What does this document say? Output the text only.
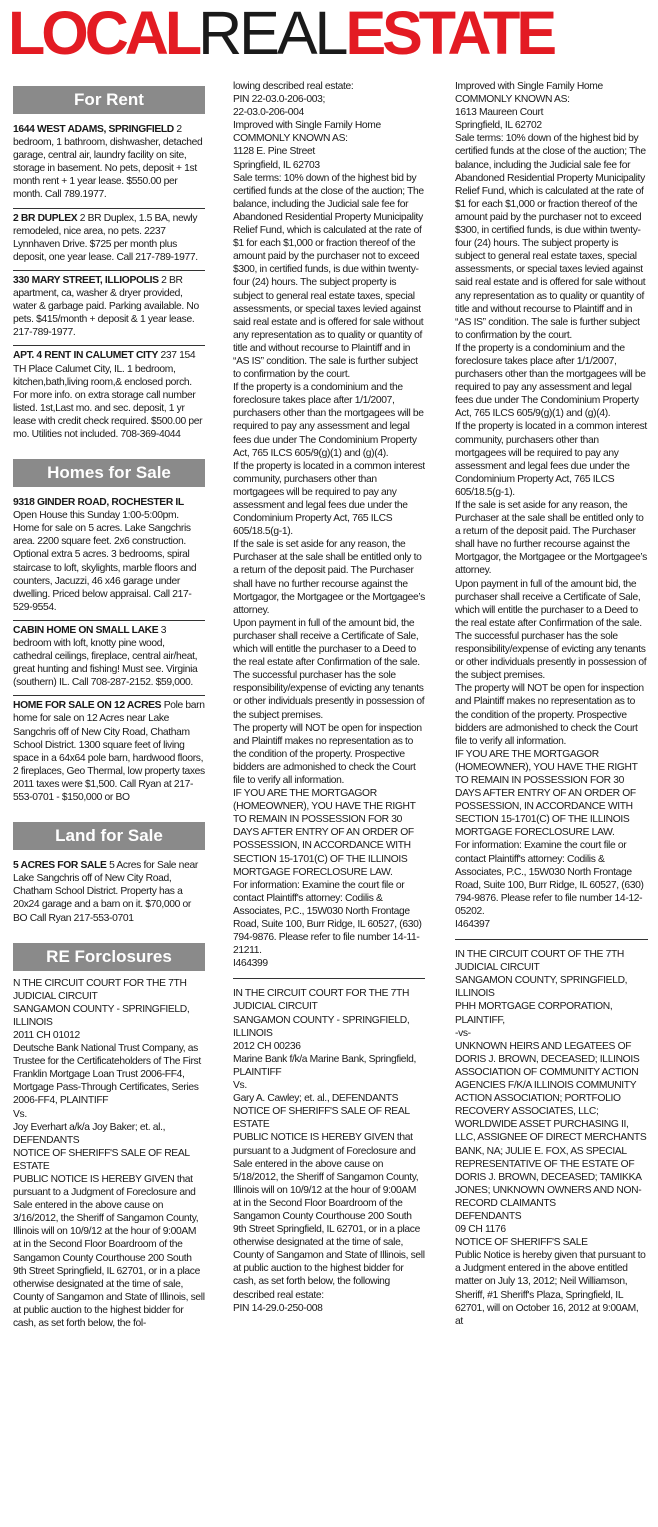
LOCALREALESTATE
For Rent
1644 WEST ADAMS, SPRINGFIELD 2 bedroom, 1 bathroom, dishwasher, detached garage, central air, laundry facility on site, storage in basement. No pets, deposit + 1st month rent + 1 year lease. $550.00 per month. Call 789.1977.
2 BR DUPLEX 2 BR Duplex, 1.5 BA, newly remodeled, nice area, no pets. 2237 Lynnhaven Drive. $725 per month plus deposit, one year lease. Call 217-789-1977.
330 MARY STREET, ILLIOPOLIS 2 BR apartment, ca, washer & dryer provided, water & garbage paid. Parking available. No pets. $415/month + deposit & 1 year lease. 217-789-1977.
APT. 4 RENT IN CALUMET CITY 237 154 TH Place Calumet City, IL. 1 bedroom, kitchen,bath,living room,& enclosed porch. For more info. on extra storage call number listed. 1st,Last mo. and sec. deposit, 1 yr lease with credit check required. $500.00 per mo. Utilities not included. 708-369-4044
Homes for Sale
9318 GINDER ROAD, ROCHESTER IL Open House this Sunday 1:00-5:00pm. Home for sale on 5 acres. Lake Sangchris area. 2200 square feet. 2x6 construction. Optional extra 5 acres. 3 bedrooms, spiral staircase to loft, skylights, marble floors and counters, Jacuzzi, 46 x46 garage under dwelling. Priced below appraisal. Call 217-529-9554.
CABIN HOME ON SMALL LAKE 3 bedroom with loft, knotty pine wood, cathedral ceilings, fireplace, central air/heat, great hunting and fishing! Must see. Virginia (southern) IL. Call 708-287-2152. $59,000.
HOME FOR SALE ON 12 ACRES Pole barn home for sale on 12 Acres near Lake Sangchris off of New City Road, Chatham School District. 1300 square feet of living space in a 64x64 pole barn, hardwood floors, 2 fireplaces, Geo Thermal, low property taxes 2011 taxes were $1,500. Call Ryan at 217-553-0701 - $150,000 or BO
Land for Sale
5 ACRES FOR SALE 5 Acres for Sale near Lake Sangchris off of New City Road, Chatham School District. Property has a 20x24 garage and a barn on it. $70,000 or BO Call Ryan 217-553-0701
RE Forclosures
N THE CIRCUIT COURT FOR THE 7TH JUDICIAL CIRCUIT
SANGAMON COUNTY - SPRINGFIELD, ILLINOIS
2011 CH 01012
Deutsche Bank National Trust Company, as Trustee for the Certificateholders of The First Franklin Mortgage Loan Trust 2006-FF4, Mortgage Pass-Through Certificates, Series 2006-FF4, PLAINTIFF
Vs.
Joy Everhart a/k/a Joy Baker; et. al., DEFENDANTS
NOTICE OF SHERIFF'S SALE OF REAL ESTATE
PUBLIC NOTICE IS HEREBY GIVEN that pursuant to a Judgment of Foreclosure and Sale entered in the above cause on 3/16/2012, the Sheriff of Sangamon County, Illinois will on 10/9/12 at the hour of 9:00AM at in the Second Floor Boardroom of the Sangamon County Courthouse 200 South 9th Street Springfield, IL 62701, or in a place otherwise designated at the time of sale, County of Sangamon and State of Illinois, sell at public auction to the highest bidder for cash, as set forth below, the fol-
lowing described real estate:
PIN 22-03.0-206-003;
22-03.0-206-004
Improved with Single Family Home
COMMONLY KNOWN AS:
1128 E. Pine Street
Springfield, IL 62703
Sale terms: 10% down of the highest bid by certified funds at the close of the auction; The balance, including the Judicial sale fee for Abandoned Residential Property Municipality Relief Fund, which is calculated at the rate of $1 for each $1,000 or fraction thereof of the amount paid by the purchaser not to exceed $300, in certified funds, is due within twenty-four (24) hours. The subject property is subject to general real estate taxes, special assessments, or special taxes levied against said real estate and is offered for sale without any representation as to quality or quantity of title and without recourse to Plaintiff and in “AS IS” condition. The sale is further subject to confirmation by the court.
If the property is a condominium and the foreclosure takes place after 1/1/2007, purchasers other than the mortgagees will be required to pay any assessment and legal fees due under The Condominium Property Act, 765 ILCS 605/9(g)(1) and (g)(4).
If the property is located in a common interest community, purchasers other than mortgagees will be required to pay any assessment and legal fees due under the Condominium Property Act, 765 ILCS 605/18.5(g-1).
If the sale is set aside for any reason, the Purchaser at the sale shall be entitled only to a return of the deposit paid. The Purchaser shall have no further recourse against the Mortgagor, the Mortgagee or the Mortgagee’s attorney.
Upon payment in full of the amount bid, the purchaser shall receive a Certificate of Sale, which will entitle the purchaser to a Deed to the real estate after Confirmation of the sale. The successful purchaser has the sole responsibility/expense of evicting any tenants or other individuals presently in possession of the subject premises.
The property will NOT be open for inspection and Plaintiff makes no representation as to the condition of the property. Prospective bidders are admonished to check the Court file to verify all information.
IF YOU ARE THE MORTGAGOR (HOMEOWNER), YOU HAVE THE RIGHT TO REMAIN IN POSSESSION FOR 30 DAYS AFTER ENTRY OF AN ORDER OF POSSESSION, IN ACCORDANCE WITH SECTION 15-1701(C) OF THE ILLINOIS MORTGAGE FORECLOSURE LAW.
For information: Examine the court file or contact Plaintiff's attorney: Codilis & Associates, P.C., 15W030 North Frontage Road, Suite 100, Burr Ridge, IL 60527, (630) 794-9876. Please refer to file number 14-11-21211.
I464399
IN THE CIRCUIT COURT FOR THE 7TH JUDICIAL CIRCUIT
SANGAMON COUNTY - SPRINGFIELD, ILLINOIS
2012 CH 00236
Marine Bank f/k/a Marine Bank, Springfield, PLAINTIFF
Vs.
Gary A. Cawley; et. al., DEFENDANTS
NOTICE OF SHERIFF'S SALE OF REAL ESTATE
PUBLIC NOTICE IS HEREBY GIVEN that pursuant to a Judgment of Foreclosure and Sale entered in the above cause on 5/18/2012, the Sheriff of Sangamon County, Illinois will on 10/9/12 at the hour of 9:00AM at in the Second Floor Boardroom of the Sangamon County Courthouse 200 South 9th Street Springfield, IL 62701, or in a place otherwise designated at the time of sale, County of Sangamon and State of Illinois, sell at public auction to the highest bidder for cash, as set forth below, the following described real estate:
PIN 14-29.0-250-008
Improved with Single Family Home
COMMONLY KNOWN AS:
1613 Maureen Court
Springfield, IL 62702
Sale terms: 10% down of the highest bid by certified funds at the close of the auction; The balance, including the Judicial sale fee for Abandoned Residential Property Municipality Relief Fund, which is calculated at the rate of $1 for each $1,000 or fraction thereof of the amount paid by the purchaser not to exceed $300, in certified funds, is due within twenty-four (24) hours. The subject property is subject to general real estate taxes, special assessments, or special taxes levied against said real estate and is offered for sale without any representation as to quality or quantity of title and without recourse to Plaintiff and in “AS IS” condition. The sale is further subject to confirmation by the court.
If the property is a condominium and the foreclosure takes place after 1/1/2007, purchasers other than the mortgagees will be required to pay any assessment and legal fees due under The Condominium Property Act, 765 ILCS 605/9(g)(1) and (g)(4).
If the property is located in a common interest community, purchasers other than mortgagees will be required to pay any assessment and legal fees due under the Condominium Property Act, 765 ILCS 605/18.5(g-1).
If the sale is set aside for any reason, the Purchaser at the sale shall be entitled only to a return of the deposit paid. The Purchaser shall have no further recourse against the Mortgagor, the Mortgagee or the Mortgagee’s attorney.
Upon payment in full of the amount bid, the purchaser shall receive a Certificate of Sale, which will entitle the purchaser to a Deed to the real estate after Confirmation of the sale. The successful purchaser has the sole responsibility/expense of evicting any tenants or other individuals presently in possession of the subject premises.
The property will NOT be open for inspection and Plaintiff makes no representation as to the condition of the property. Prospective bidders are admonished to check the Court file to verify all information.
IF YOU ARE THE MORTGAGOR (HOMEOWNER), YOU HAVE THE RIGHT TO REMAIN IN POSSESSION FOR 30 DAYS AFTER ENTRY OF AN ORDER OF POSSESSION, IN ACCORDANCE WITH SECTION 15-1701(C) OF THE ILLINOIS MORTGAGE FORECLOSURE LAW.
For information: Examine the court file or contact Plaintiff's attorney: Codilis & Associates, P.C., 15W030 North Frontage Road, Suite 100, Burr Ridge, IL 60527, (630) 794-9876. Please refer to file number 14-12-05202.
I464397
IN THE CIRCUIT COURT OF THE 7TH JUDICIAL CIRCUIT
SANGAMON COUNTY, SPRINGFIELD, ILLINOIS
PHH MORTGAGE CORPORATION, PLAINTIFF,
-vs-
UNKNOWN HEIRS AND LEGATEES OF DORIS J. BROWN, DECEASED; ILLINOIS ASSOCIATION OF COMMUNITY ACTION AGENCIES F/K/A ILLINOIS COMMUNITY ACTION ASSOCIATION; PORTFOLIO RECOVERY ASSOCIATES, LLC; WORLDWIDE ASSET PURCHASING II, LLC, ASSIGNEE OF DIRECT MERCHANTS BANK, NA; JULIE E. FOX, AS SPECIAL REPRESENTATIVE OF THE ESTATE OF DORIS J. BROWN, DECEASED; TAMIKKA JONES; UNKNOWN OWNERS AND NON-RECORD CLAIMANTS
DEFENDANTS
09 CH 1176
NOTICE OF SHERIFF'S SALE
Public Notice is hereby given that pursuant to a Judgment entered in the above entitled matter on July 13, 2012; Neil Williamson, Sheriff, #1 Sheriff's Plaza, Springfield, IL 62701, will on October 16, 2012 at 9:00AM, at
